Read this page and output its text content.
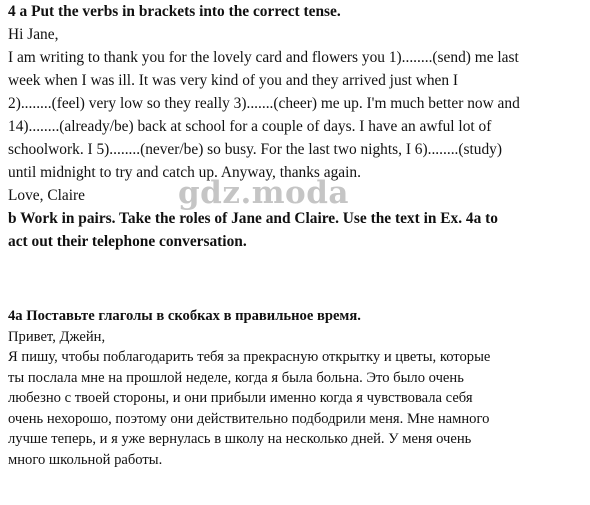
4 a Put the verbs in brackets into the correct tense.
Hi Jane,
I am writing to thank you for the lovely card and flowers you 1)........(send) me last
week when I was ill. It was very kind of you and they arrived just when I
2)........(feel) very low so they really 3).......(cheer) me up. I'm much better now and
14)........(already/be) back at school for a couple of days. I have an awful lot of
schoolwork. I 5)........(never/be) so busy. For the last two nights, I 6)........(study)
until midnight to try and catch up. Anyway, thanks again.
Love, Claire
b Work in pairs. Take the roles of Jane and Claire. Use the text in Ex. 4a to
act out their telephone conversation.
4a Поставьте глаголы в скобках в правильное время.
Привет, Джейн,
Я пишу, чтобы поблагодарить тебя за прекрасную открытку и цветы, которые
ты послала мне на прошлой неделе, когда я была больна. Это было очень
любезно с твоей стороны, и они прибыли именно когда я чувствовала себя
очень нехорошо, поэтому они действительно подбодрили меня. Мне намного
лучше теперь, и я уже вернулась в школу на несколько дней. У меня очень
много школьной работы.
gdz.moda
